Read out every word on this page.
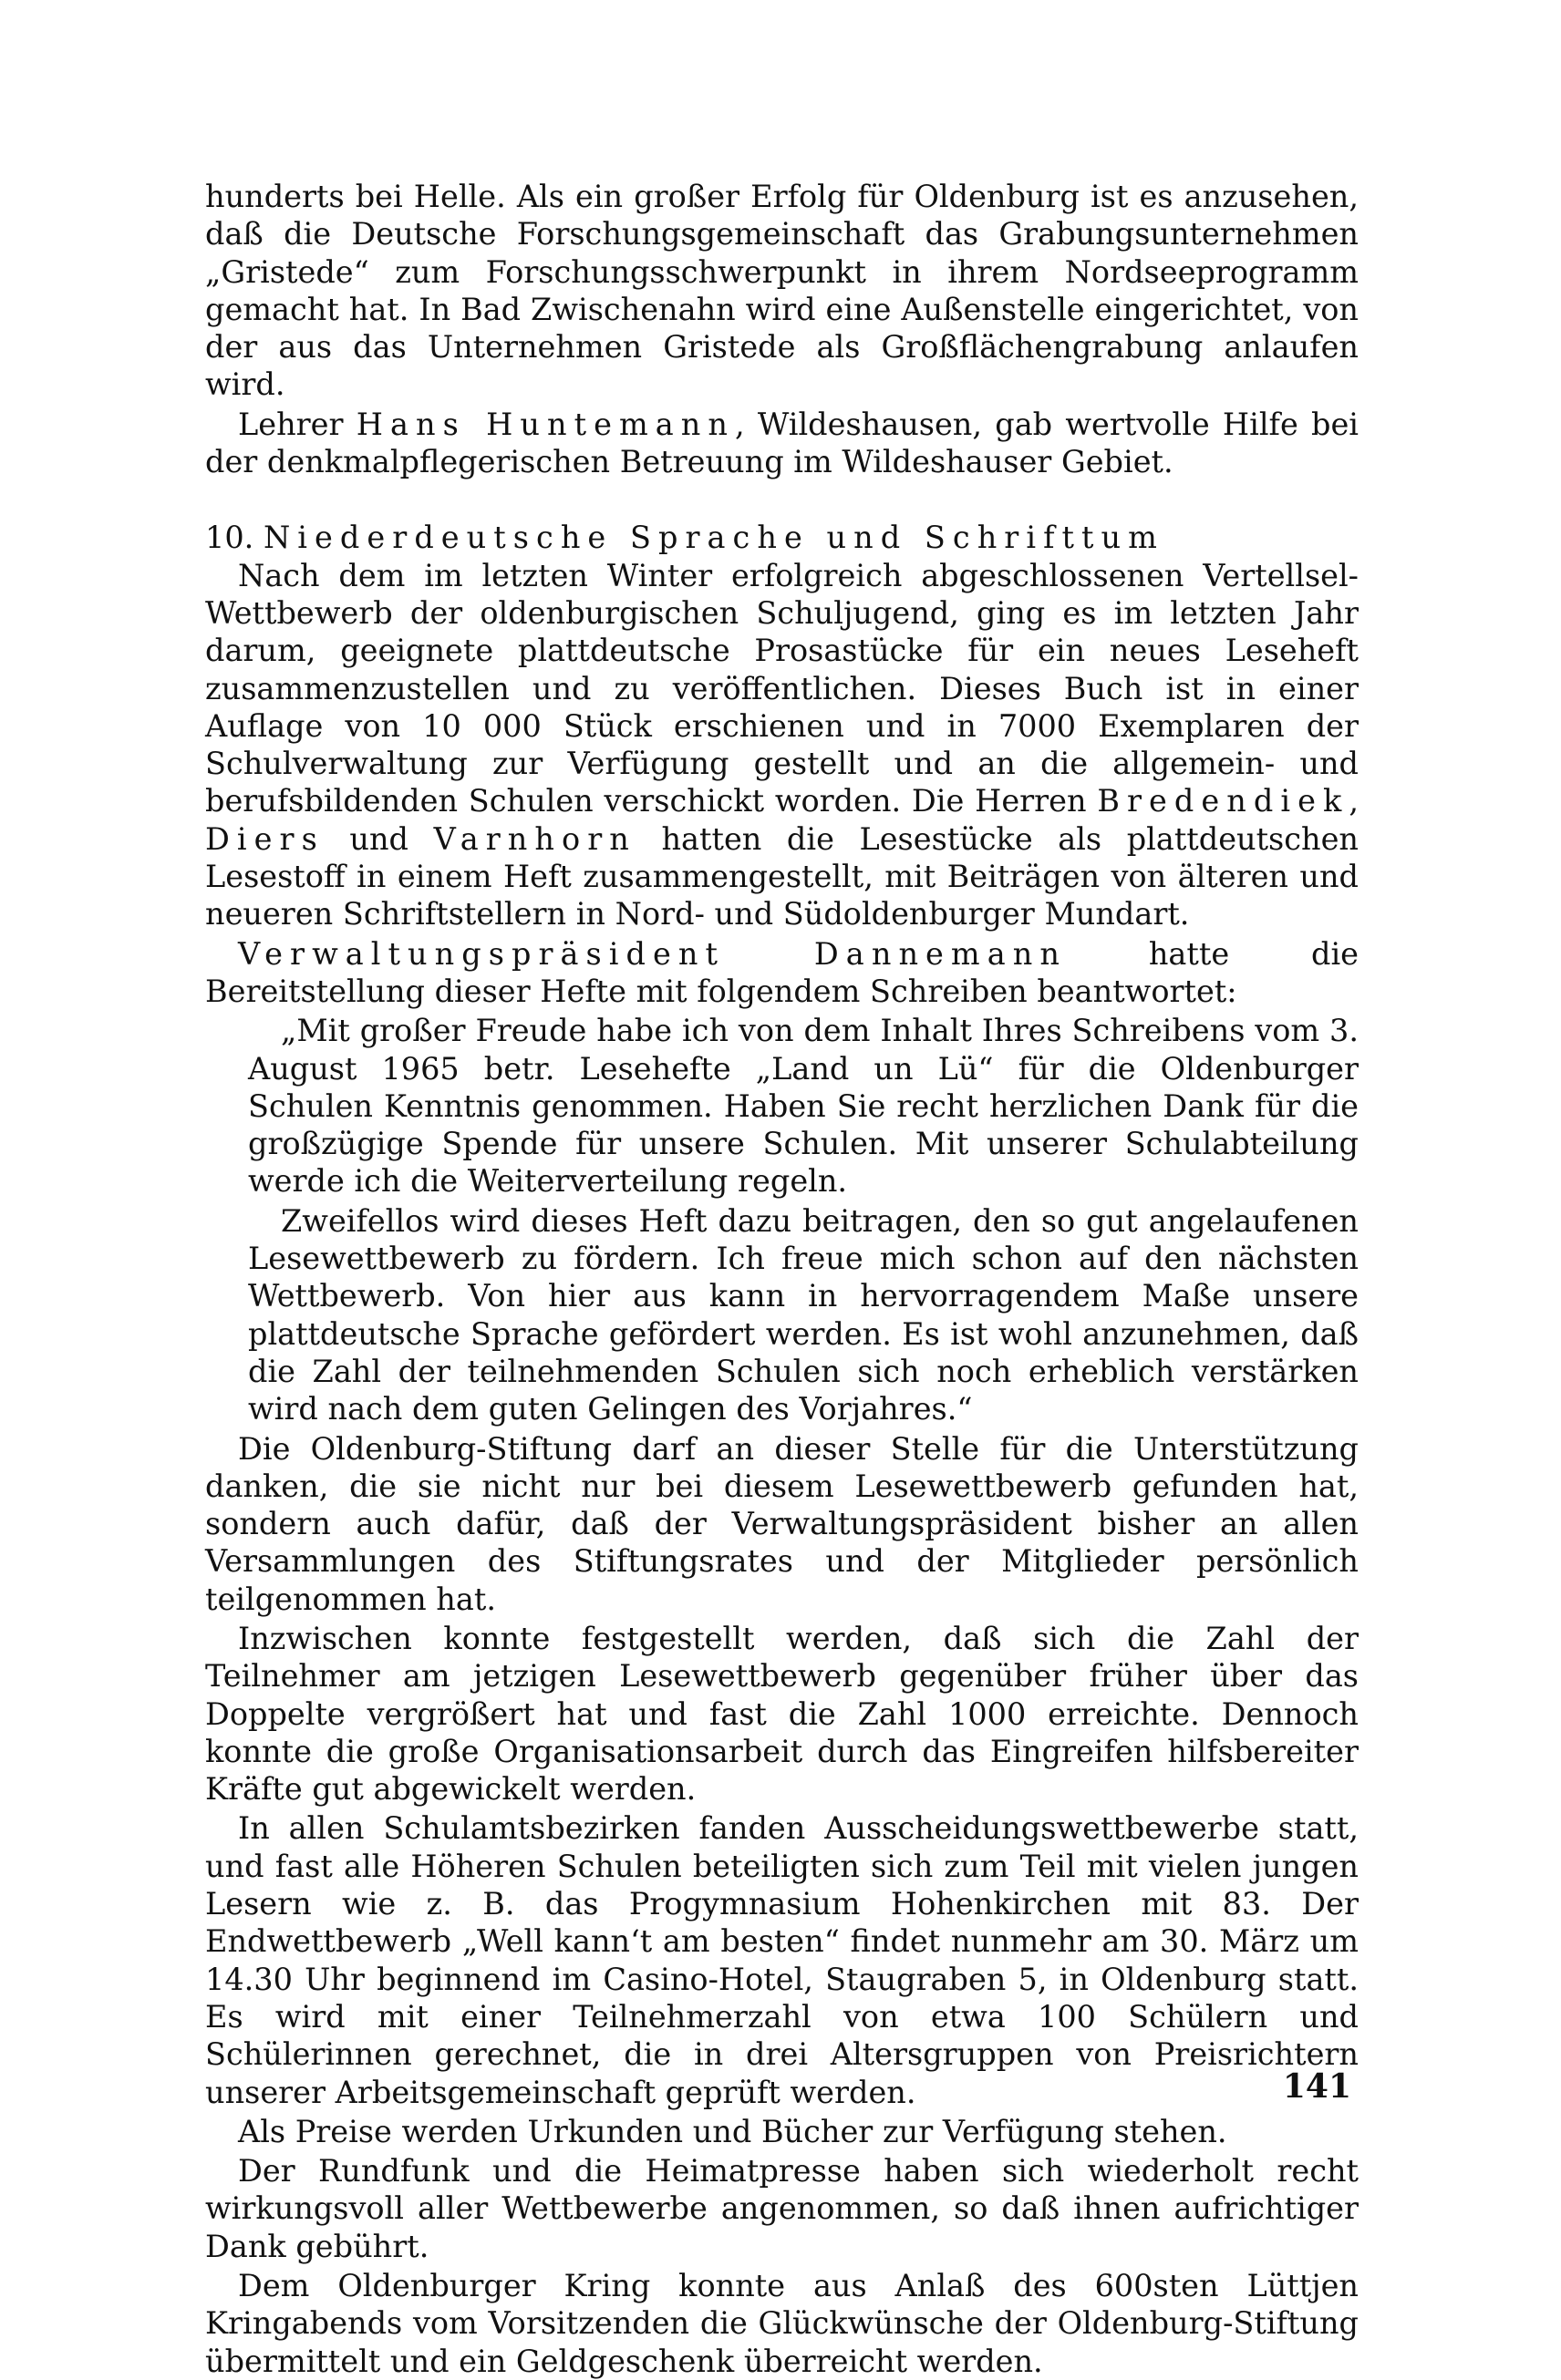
hunderts bei Helle. Als ein großer Erfolg für Oldenburg ist es anzusehen, daß die Deutsche Forschungsgemeinschaft das Grabungsunternehmen „Gristede“ zum Forschungsschwerpunkt in ihrem Nordseeprogramm gemacht hat. In Bad Zwischenahn wird eine Außenstelle eingerichtet, von der aus das Unternehmen Gristede als Großflächengrabung anlaufen wird.

Lehrer Hans Huntemann, Wildeshausen, gab wertvolle Hilfe bei der denkmalpflegerischen Betreuung im Wildeshauser Gebiet.

10. Niederdeutsche Sprache und Schrifttum

Nach dem im letzten Winter erfolgreich abgeschlossenen Vertellsel-Wettbewerb der oldenburgischen Schuljugend, ging es im letzten Jahr darum, geeignete plattdeutsche Prosastücke für ein neues Leseheft zusammenzustellen und zu veröffentlichen. Dieses Buch ist in einer Auflage von 10 000 Stück erschienen und in 7000 Exemplaren der Schulverwaltung zur Verfügung gestellt und an die allgemein- und berufsbildenden Schulen verschickt worden. Die Herren Bredendiek, Diers und Varnhorn hatten die Lesestücke als plattdeutschen Lesestoff in einem Heft zusammengestellt, mit Beiträgen von älteren und neueren Schriftstellern in Nord- und Südoldenburger Mundart.

Verwaltungspräsident Dannemann hatte die Bereitstellung dieser Hefte mit folgendem Schreiben beantwortet:

„Mit großer Freude habe ich von dem Inhalt Ihres Schreibens vom 3. August 1965 betr. Lesehefte „Land un Lü“ für die Oldenburger Schulen Kenntnis genommen. Haben Sie recht herzlichen Dank für die großzügige Spende für unsere Schulen. Mit unserer Schulabteilung werde ich die Weiterverteilung regeln.

Zweifellos wird dieses Heft dazu beitragen, den so gut angelaufenen Lesewettbewerb zu fördern. Ich freue mich schon auf den nächsten Wettbewerb. Von hier aus kann in hervorragendem Maße unsere plattdeutsche Sprache gefördert werden. Es ist wohl anzunehmen, daß die Zahl der teilnehmenden Schulen sich noch erheblich verstärken wird nach dem guten Gelingen des Vorjahres.“

Die Oldenburg-Stiftung darf an dieser Stelle für die Unterstützung danken, die sie nicht nur bei diesem Lesewettbewerb gefunden hat, sondern auch dafür, daß der Verwaltungspräsident bisher an allen Versammlungen des Stiftungsrates und der Mitglieder persönlich teilgenommen hat.

Inzwischen konnte festgestellt werden, daß sich die Zahl der Teilnehmer am jetzigen Lesewettbewerb gegenüber früher über das Doppelte vergrößert hat und fast die Zahl 1000 erreichte. Dennoch konnte die große Organisationsarbeit durch das Eingreifen hilfsbereiter Kräfte gut abgewickelt werden.

In allen Schulamtsbezirken fanden Ausscheidungswettbewerbe statt, und fast alle Höheren Schulen beteiligten sich zum Teil mit vielen jungen Lesern wie z. B. das Progymnasium Hohenkirchen mit 83. Der Endwettbewerb „Well kann‘t am besten“ findet nunmehr am 30. März um 14.30 Uhr beginnend im Casino-Hotel, Staugraben 5, in Oldenburg statt. Es wird mit einer Teilnehmerzahl von etwa 100 Schülern und Schülerinnen gerechnet, die in drei Altersgruppen von Preisrichtern unserer Arbeitsgemeinschaft geprüft werden.

Als Preise werden Urkunden und Bücher zur Verfügung stehen.

Der Rundfunk und die Heimatpresse haben sich wiederholt recht wirkungsvoll aller Wettbewerbe angenommen, so daß ihnen aufrichtiger Dank gebührt.

Dem Oldenburger Kring konnte aus Anlaß des 600sten Lüttjen Kringabends vom Vorsitzenden die Glückwünsche der Oldenburg-Stiftung übermittelt und ein Geldgeschenk überreicht werden.

141
